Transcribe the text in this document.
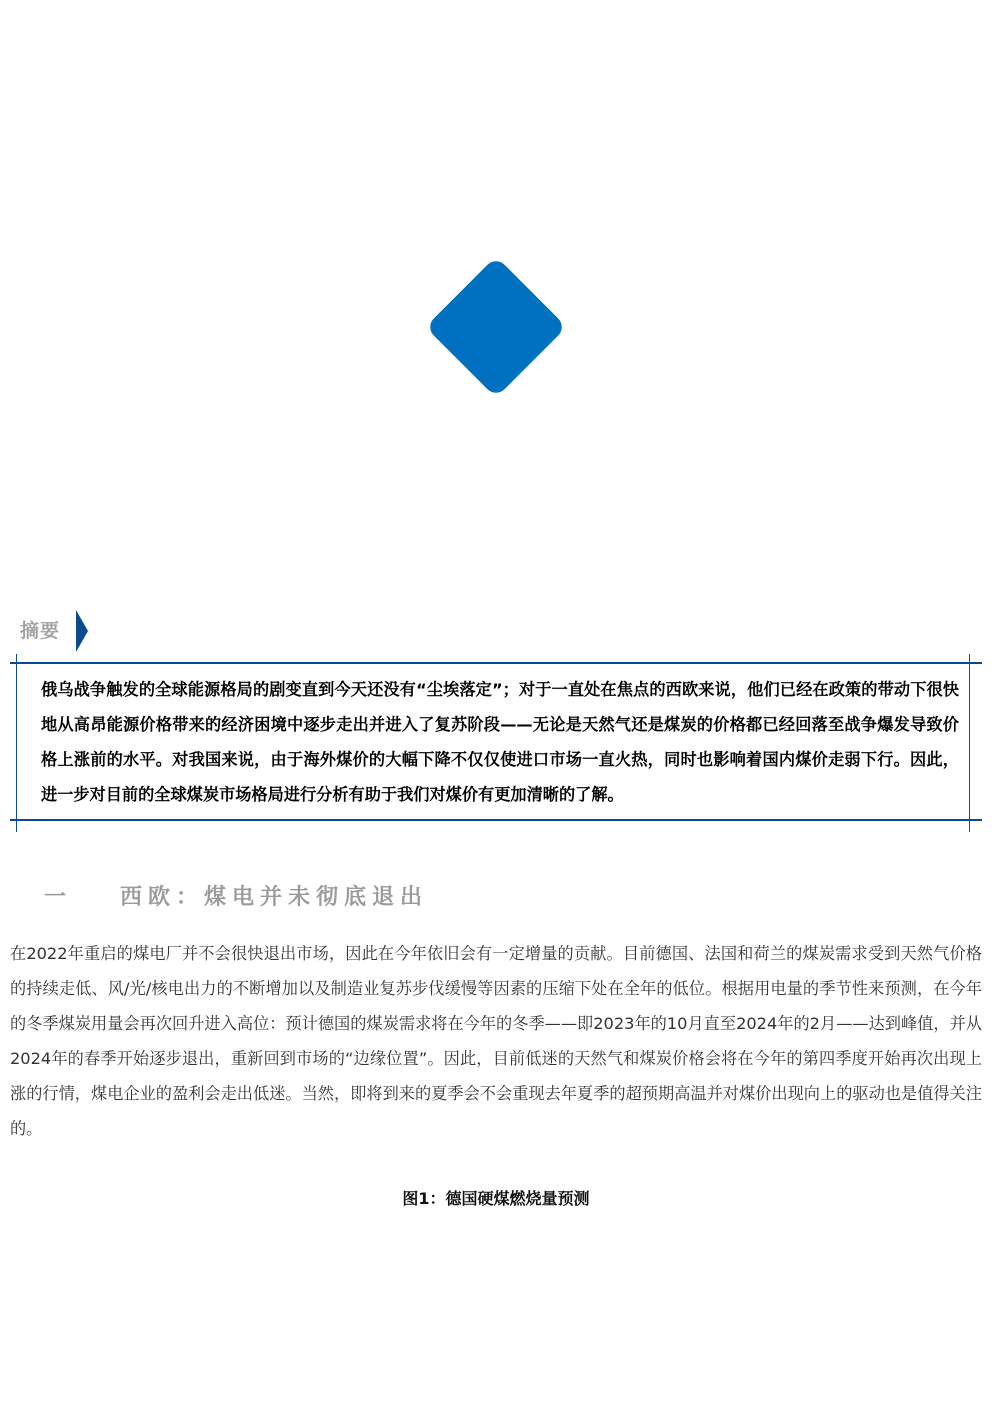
摘要
俄乌战争触发的全球能源格局的剧变直到今天还没有“尘埃落定”；对于一直处在焦点的西欧来说，他们已经在政策的带动下很快地从高昂能源价格带来的经济困境中逐步走出并进入了复苏阶段——无论是天然气还是煤炭的价格都已经回落至战争爆发导致价格上涨前的水平。对我国来说，由于海外煤价的大幅下降不仅仅使进口市场一直火热，同时也影响着国内煤价走弱下行。因此，进一步对目前的全球煤炭市场格局进行分析有助于我们对煤价有更加清晰的了解。
一 西欧：煤电并未彻底退出
在2022年重启的煤电厂并不会很快退出市场，因此在今年依旧会有一定增量的贡献。目前德国、法国和荷兰的煤炭需求受到天然气价格的持续走低、风/光/核电出力的不断增加以及制造业复苏步伐缓慢等因素的压缩下处在全年的低位。根据用电量的季节性来预测，在今年的冬季煤炭用量会再次回升进入高位：预计德国的煤炭需求将在今年的冬季——即2023年的10月直至2024年的2月——达到峰值，并从2024年的春季开始逐步退出，重新回到市场的“边缘位置”。因此，目前低迷的天然气和煤炭价格会将在今年的第四季度开始再次出现上涨的行情，煤电企业的盈利会走出低迷。当然，即将到来的夏季会不会重现去年夏季的超预期高温并对煤价出现向上的驱动也是值得关注的。
图1：德国硬煤燃烧量预测
